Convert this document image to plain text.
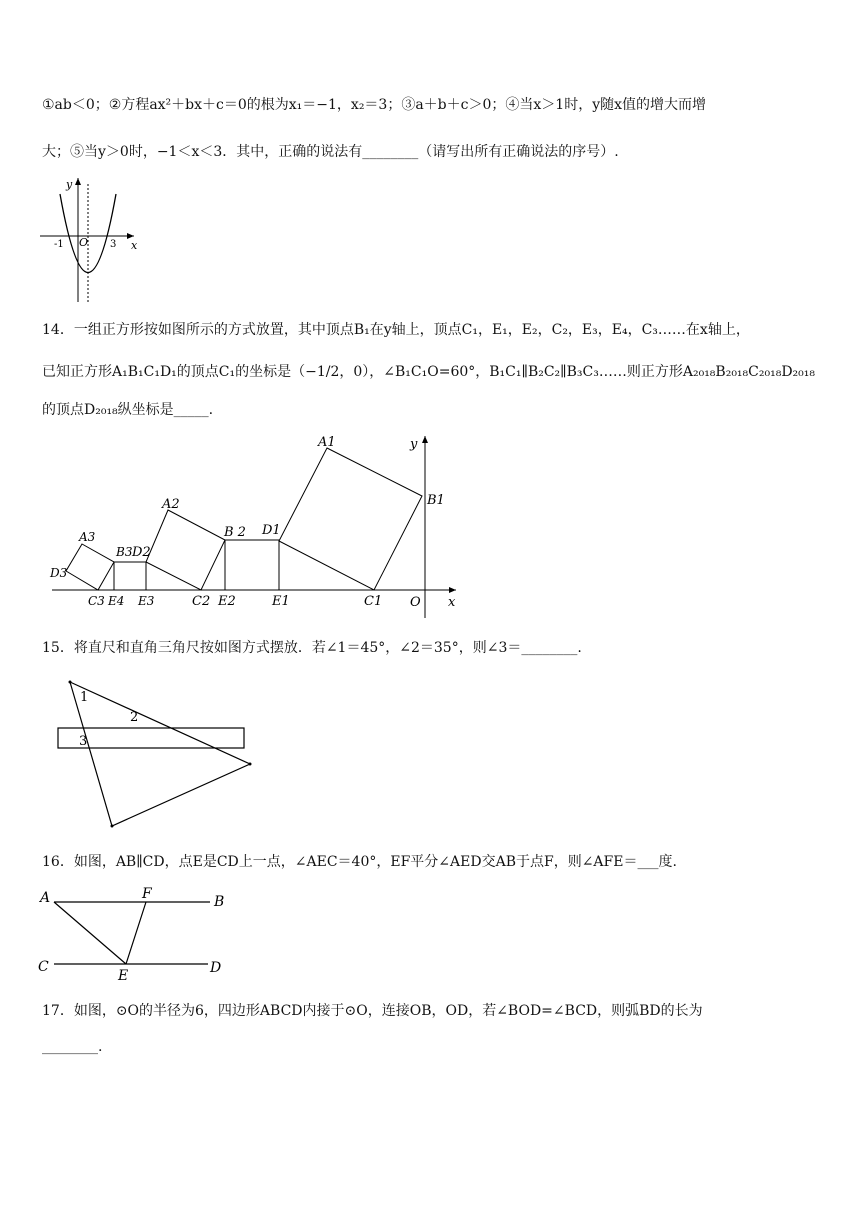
①ab＜0；②方程ax²＋bx＋c＝0的根为x₁＝−1，x₂＝3；③a＋b＋c＞0；④当x＞1时，y随x值的增大而增
大；⑤当y＞0时，−1＜x＜3．其中，正确的说法有________（请写出所有正确说法的序号）.
y
x
O
-1	3
14．一组正方形按如图所示的方式放置，其中顶点B₁在y轴上，顶点C₁，E₁，E₂，C₂，E₃，E₄，C₃……在x轴上，
已知正方形A₁B₁C₁D₁的顶点C₁的坐标是（−1/2，0），∠B₁C₁O=60°，B₁C₁∥B₂C₂∥B₃C₃……则正方形A₂₀₁₈B₂₀₁₈C₂₀₁₈D₂₀₁₈
的顶点D₂₀₁₈纵坐标是_____.
A1
B1
C1
D1
E1
A2
B 2
C2
D2
E2
A3
B3
C3
D3
E3
E4	O x
y
15．将直尺和直角三角尺按如图方式摆放．若∠1＝45°，∠2＝35°，则∠3＝________.
1
2
3
16．如图，AB∥CD，点E是CD上一点，∠AEC＝40°，EF平分∠AED交AB于点F，则∠AFE＝___度.
A	B
C	D
E
F
17．如图，⊙O的半径为6，四边形ABCD内接于⊙O，连接OB，OD，若∠BOD=∠BCD，则弧BD的长为
________.
